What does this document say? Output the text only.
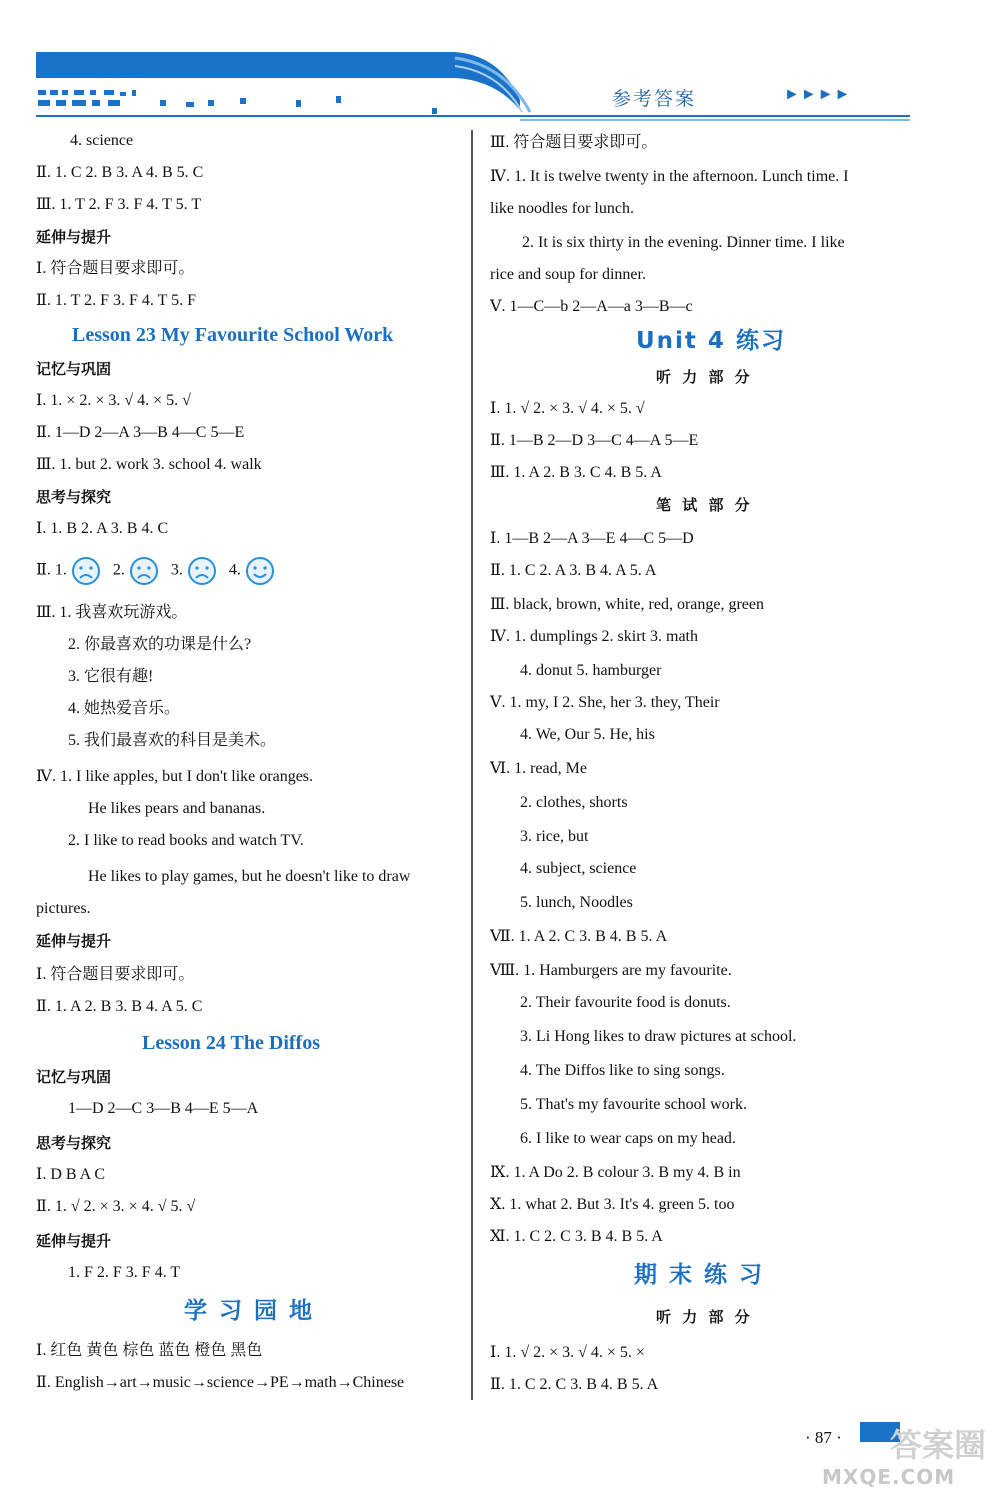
参考答案	►►►►
4. science
Ⅱ. 1. C 2. B 3. A 4. B 5. C
Ⅲ. 1. T 2. F 3. F 4. T 5. T
延伸与提升
Ⅰ. 符合题目要求即可。
Ⅱ. 1. T 2. F 3. F 4. T 5. F
Lesson 23 My Favourite School Work
记忆与巩固
Ⅰ. 1. × 2. × 3. √ 4. × 5. √
Ⅱ. 1—D 2—A 3—B 4—C 5—E
Ⅲ. 1. but 2. work 3. school 4. walk
思考与探究
Ⅰ. 1. B 2. A 3. B 4. C
Ⅱ. 1.	2.	3.	4.
Ⅲ. 1. 我喜欢玩游戏。
2. 你最喜欢的功课是什么?
3. 它很有趣!
4. 她热爱音乐。
5. 我们最喜欢的科目是美术。
Ⅳ. 1. I like apples, but I don't like oranges.
He likes pears and bananas.
2. I like to read books and watch TV.
He likes to play games, but he doesn't like to draw
pictures.
延伸与提升
Ⅰ. 符合题目要求即可。
Ⅱ. 1. A 2. B 3. B 4. A 5. C
Lesson 24 The Diffos
记忆与巩固
1—D 2—C 3—B 4—E 5—A
思考与探究
Ⅰ. D B A C
Ⅱ. 1. √ 2. × 3. × 4. √ 5. √
延伸与提升
1. F 2. F 3. F 4. T
学 习 园 地
Ⅰ. 红色 黄色 棕色 蓝色 橙色 黑色
Ⅱ. English→art→music→science→PE→math→Chinese
Ⅲ. 符合题目要求即可。
Ⅳ. 1. It is twelve twenty in the afternoon. Lunch time. I
like noodles for lunch.
2. It is six thirty in the evening. Dinner time. I like
rice and soup for dinner.
Ⅴ. 1—C—b 2—A—a 3—B—c
Unit 4 练习
听 力 部 分
Ⅰ. 1. √ 2. × 3. √ 4. × 5. √
Ⅱ. 1—B 2—D 3—C 4—A 5—E
Ⅲ. 1. A 2. B 3. C 4. B 5. A
笔 试 部 分
Ⅰ. 1—B 2—A 3—E 4—C 5—D
Ⅱ. 1. C 2. A 3. B 4. A 5. A
Ⅲ. black, brown, white, red, orange, green
Ⅳ. 1. dumplings 2. skirt 3. math
4. donut 5. hamburger
Ⅴ. 1. my, I 2. She, her 3. they, Their
4. We, Our 5. He, his
Ⅵ. 1. read, Me
2. clothes, shorts
3. rice, but
4. subject, science
5. lunch, Noodles
Ⅶ. 1. A 2. C 3. B 4. B 5. A
Ⅷ. 1. Hamburgers are my favourite.
2. Their favourite food is donuts.
3. Li Hong likes to draw pictures at school.
4. The Diffos like to sing songs.
5. That's my favourite school work.
6. I like to wear caps on my head.
Ⅸ. 1. A Do 2. B colour 3. B my 4. B in
Ⅹ. 1. what 2. But 3. It's 4. green 5. too
Ⅺ. 1. C 2. C 3. B 4. B 5. A
期 末 练 习
听 力 部 分
Ⅰ. 1. √ 2. × 3. √ 4. × 5. ×
Ⅱ. 1. C 2. C 3. B 4. B 5. A
· 87 · 答案圈
MXQE.COM
